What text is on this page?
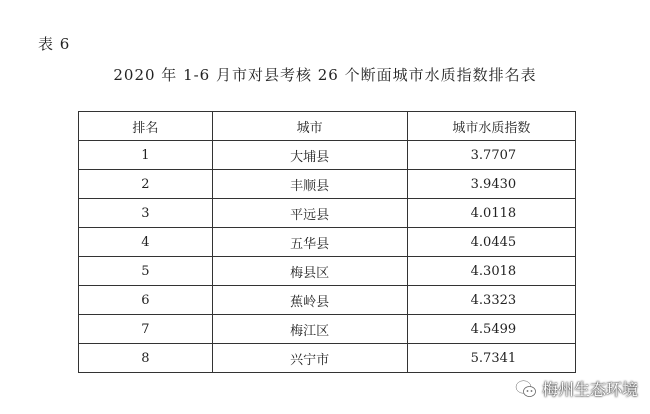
表 6
2020 年 1-6 月市对县考核 26 个断面城市水质指数排名表
排名	城市	城市水质指数
1	大埔县	3.7707
2	丰顺县	3.9430
3	平远县	4.0118
4	五华县	4.0445
5	梅县区	4.3018
6	蕉岭县	4.3323
7	梅江区	4.5499
8	兴宁市	5.7341
梅州生态环境
